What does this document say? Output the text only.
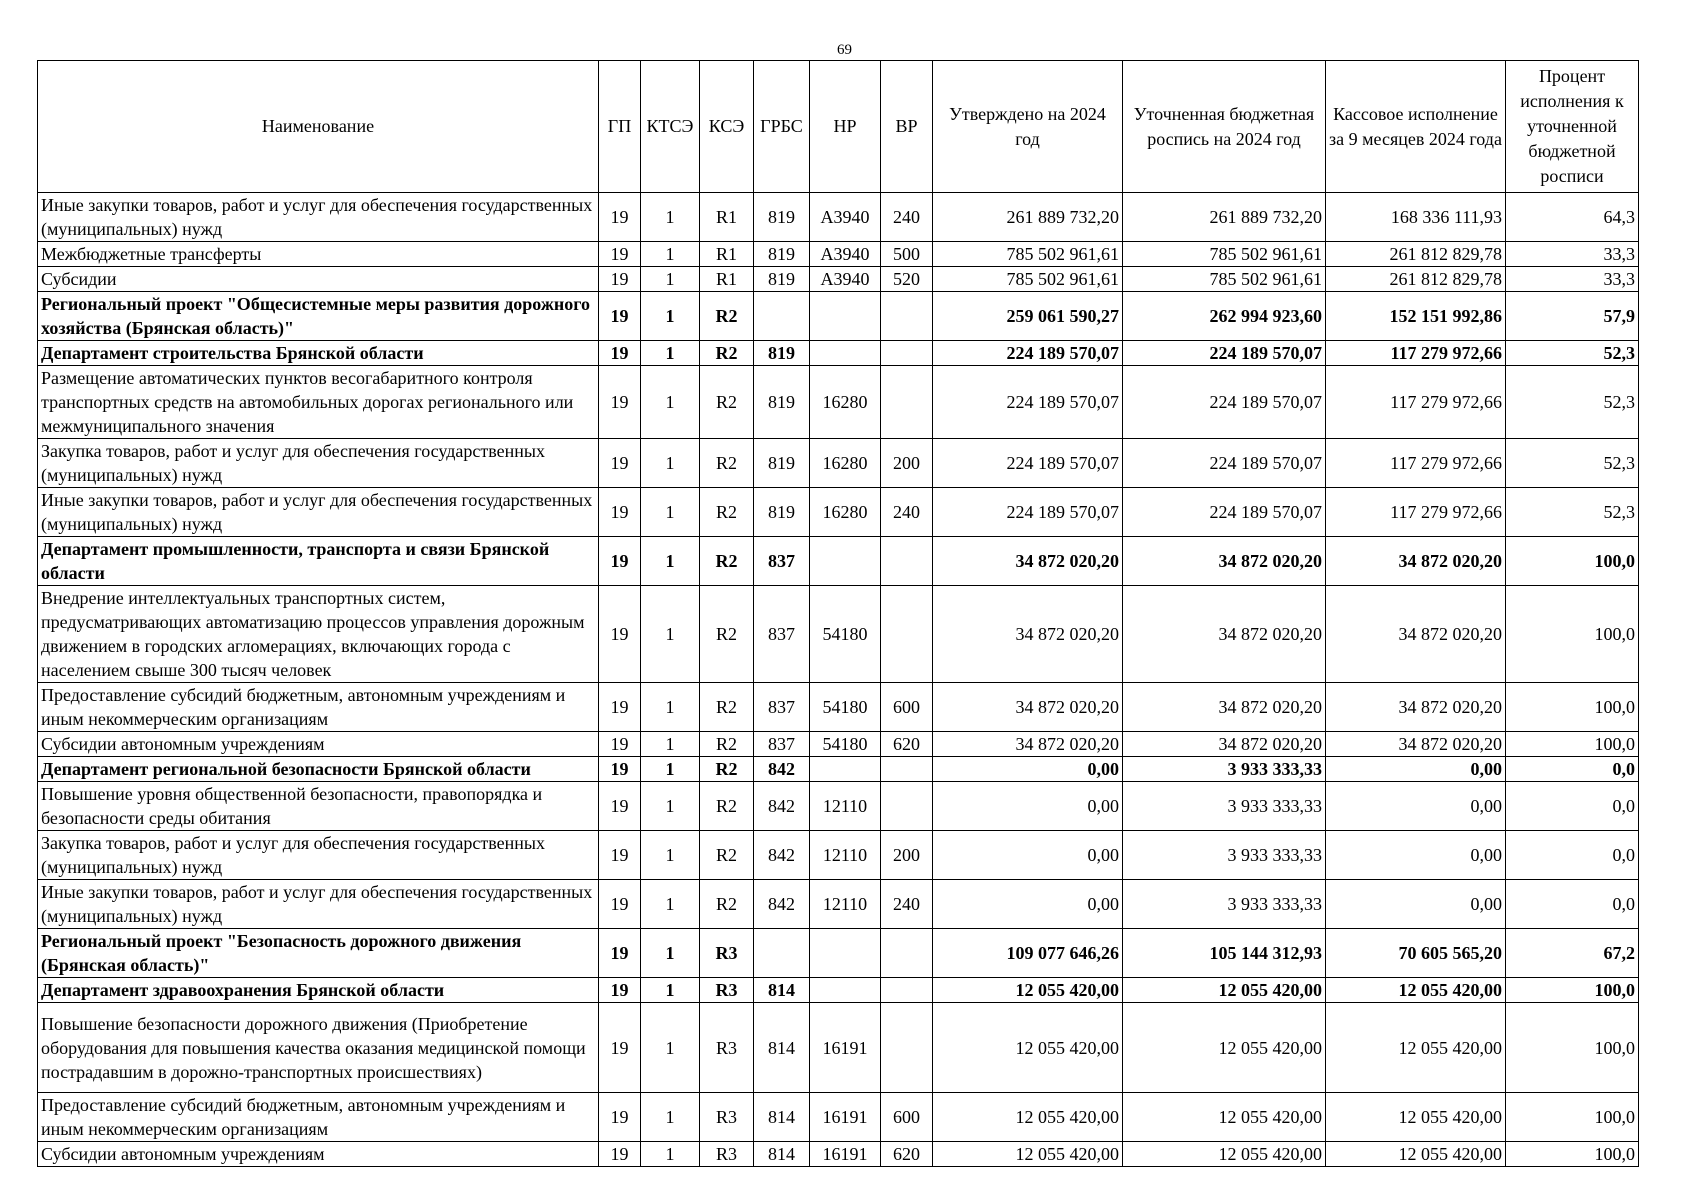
69
Наименование	ГП	КТСЭ	КСЭ	ГРБС	НР	ВР	Утверждено на 2024 год	Уточненная бюджетная роспись на 2024 год	Кассовое исполнение за 9 месяцев 2024 года	Процент исполнения к уточненной бюджетной росписи
Иные закупки товаров, работ и услуг для обеспечения государственных (муниципальных) нужд	19	1	R1	819	А3940	240	261 889 732,20	261 889 732,20	168 336 111,93	64,3
Межбюджетные трансферты	19	1	R1	819	А3940	500	785 502 961,61	785 502 961,61	261 812 829,78	33,3
Субсидии	19	1	R1	819	А3940	520	785 502 961,61	785 502 961,61	261 812 829,78	33,3
Региональный проект "Общесистемные меры развития дорожного хозяйства (Брянская область)"	19	1	R2				259 061 590,27	262 994 923,60	152 151 992,86	57,9
Департамент строительства Брянской области	19	1	R2	819			224 189 570,07	224 189 570,07	117 279 972,66	52,3
Размещение автоматических пунктов весогабаритного контроля транспортных средств на автомобильных дорогах регионального или межмуниципального значения	19	1	R2	819	16280		224 189 570,07	224 189 570,07	117 279 972,66	52,3
Закупка товаров, работ и услуг для обеспечения государственных (муниципальных) нужд	19	1	R2	819	16280	200	224 189 570,07	224 189 570,07	117 279 972,66	52,3
Иные закупки товаров, работ и услуг для обеспечения государственных (муниципальных) нужд	19	1	R2	819	16280	240	224 189 570,07	224 189 570,07	117 279 972,66	52,3
Департамент промышленности, транспорта и связи Брянской области	19	1	R2	837			34 872 020,20	34 872 020,20	34 872 020,20	100,0
Внедрение интеллектуальных транспортных систем, предусматривающих автоматизацию процессов управления дорожным движением в городских агломерациях, включающих города с населением свыше 300 тысяч человек	19	1	R2	837	54180		34 872 020,20	34 872 020,20	34 872 020,20	100,0
Предоставление субсидий бюджетным, автономным учреждениям и иным некоммерческим организациям	19	1	R2	837	54180	600	34 872 020,20	34 872 020,20	34 872 020,20	100,0
Субсидии автономным учреждениям	19	1	R2	837	54180	620	34 872 020,20	34 872 020,20	34 872 020,20	100,0
Департамент региональной безопасности Брянской области	19	1	R2	842			0,00	3 933 333,33	0,00	0,0
Повышение уровня общественной безопасности, правопорядка и безопасности среды обитания	19	1	R2	842	12110		0,00	3 933 333,33	0,00	0,0
Закупка товаров, работ и услуг для обеспечения государственных (муниципальных) нужд	19	1	R2	842	12110	200	0,00	3 933 333,33	0,00	0,0
Иные закупки товаров, работ и услуг для обеспечения государственных (муниципальных) нужд	19	1	R2	842	12110	240	0,00	3 933 333,33	0,00	0,0
Региональный проект "Безопасность дорожного движения (Брянская область)"	19	1	R3				109 077 646,26	105 144 312,93	70 605 565,20	67,2
Департамент здравоохранения Брянской области	19	1	R3	814			12 055 420,00	12 055 420,00	12 055 420,00	100,0
Повышение безопасности дорожного движения (Приобретение оборудования для повышения качества оказания медицинской помощи пострадавшим в дорожно-транспортных происшествиях)	19	1	R3	814	16191		12 055 420,00	12 055 420,00	12 055 420,00	100,0
Предоставление субсидий бюджетным, автономным учреждениям и иным некоммерческим организациям	19	1	R3	814	16191	600	12 055 420,00	12 055 420,00	12 055 420,00	100,0
Субсидии автономным учреждениям	19	1	R3	814	16191	620	12 055 420,00	12 055 420,00	12 055 420,00	100,0
